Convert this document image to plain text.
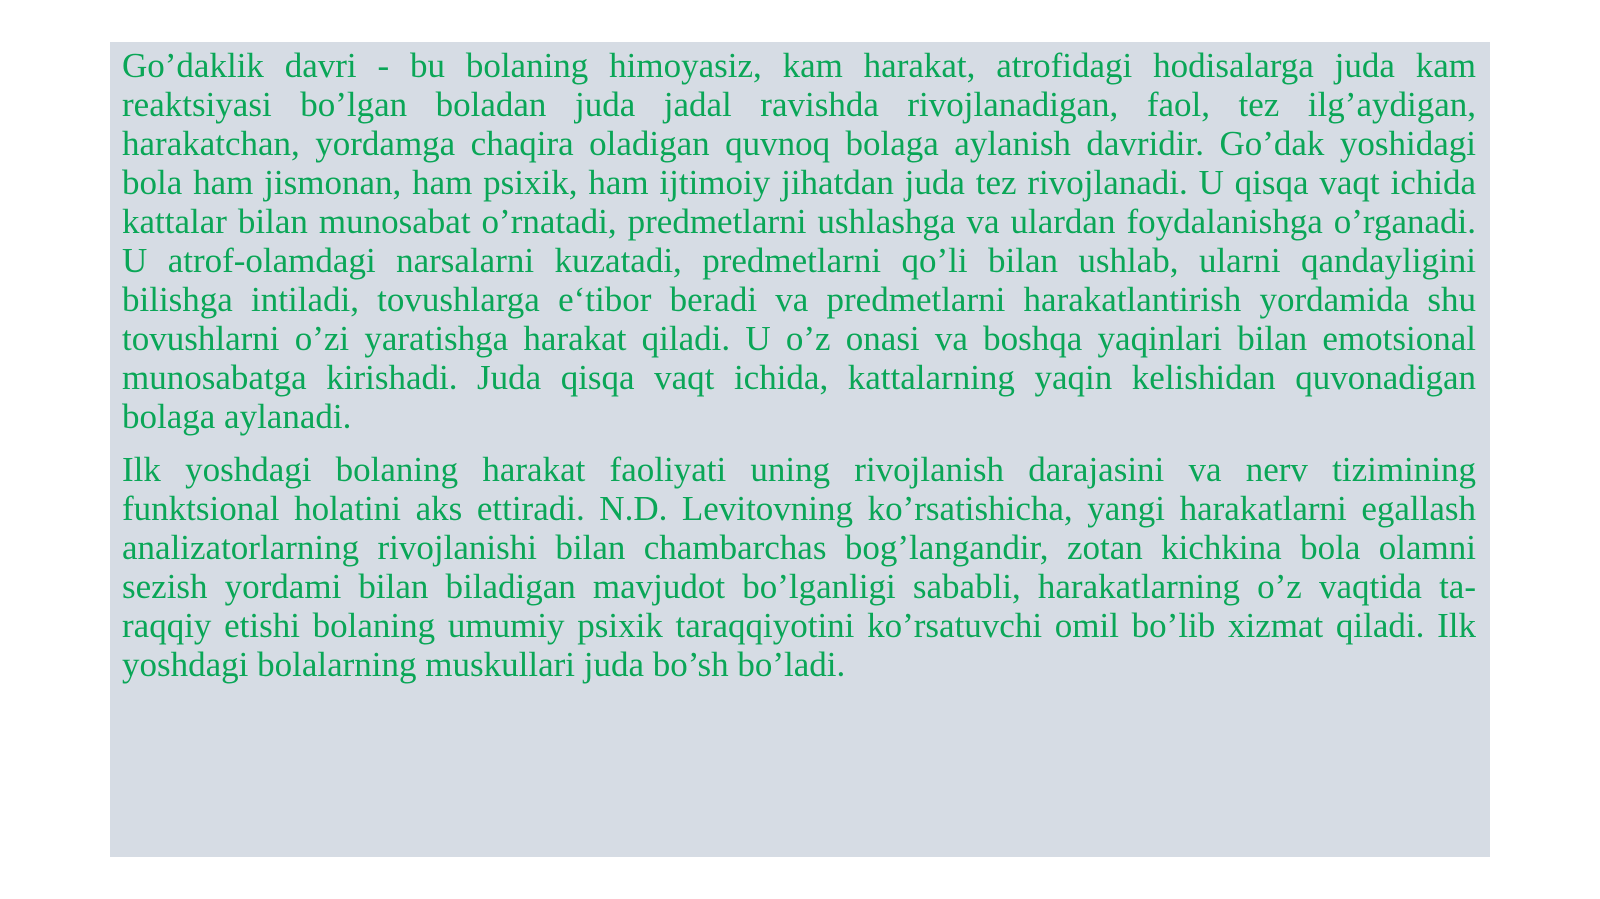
Go’daklik davri - bu bolaning himoyasiz, kam harakat, atrofidagi hodisalarga juda kam reaktsiyasi bo’lgan boladan juda jadal ravishda rivojlanadigan, faol, tez ilg’aydigan, harakatchan, yordamga chaqira oladigan quvnoq bolaga aylanish davridir. Go’dak yoshidagi bola ham jismonan, ham psixik, ham ijtimoiy jihatdan juda tez rivojlanadi. U qisqa vaqt ichida kattalar bilan munosabat o’rnatadi, predmetlarni ushlashga va ulardan foydalanishga o’rganadi. U atrof-olamdagi narsalarni kuzatadi, predmetlarni qo’li bilan ushlab, ularni qandayligini bilishga intiladi, tovushlarga e‘tibor beradi va predmetlarni harakatlantirish yordamida shu tovushlarni o’zi yaratishga harakat qiladi. U o’z onasi va boshqa yaqinlari bilan emotsional munosabatga kirishadi. Juda qisqa vaqt ichida, kattalarning yaqin kelishidan quvonadigan bolaga aylanadi.

Ilk yoshdagi bolaning harakat faoliyati uning rivojlanish darajasini va nerv tizimining funktsional holatini aks ettiradi. N.D. Levitovning ko’rsatishicha, yangi harakatlarni egallash analizatorlarning rivojlanishi bilan chambarchas bog’langandir, zotan kichkina bola olamni sezish yordami bilan biladigan mavjudot bo’lganligi sababli, harakatlarning o’z vaqtida ta-raqqiy etishi bolaning umumiy psixik taraqqiyotini ko’rsatuvchi omil bo’lib xizmat qiladi. Ilk yoshdagi bolalarning muskullari juda bo’sh bo’ladi.
